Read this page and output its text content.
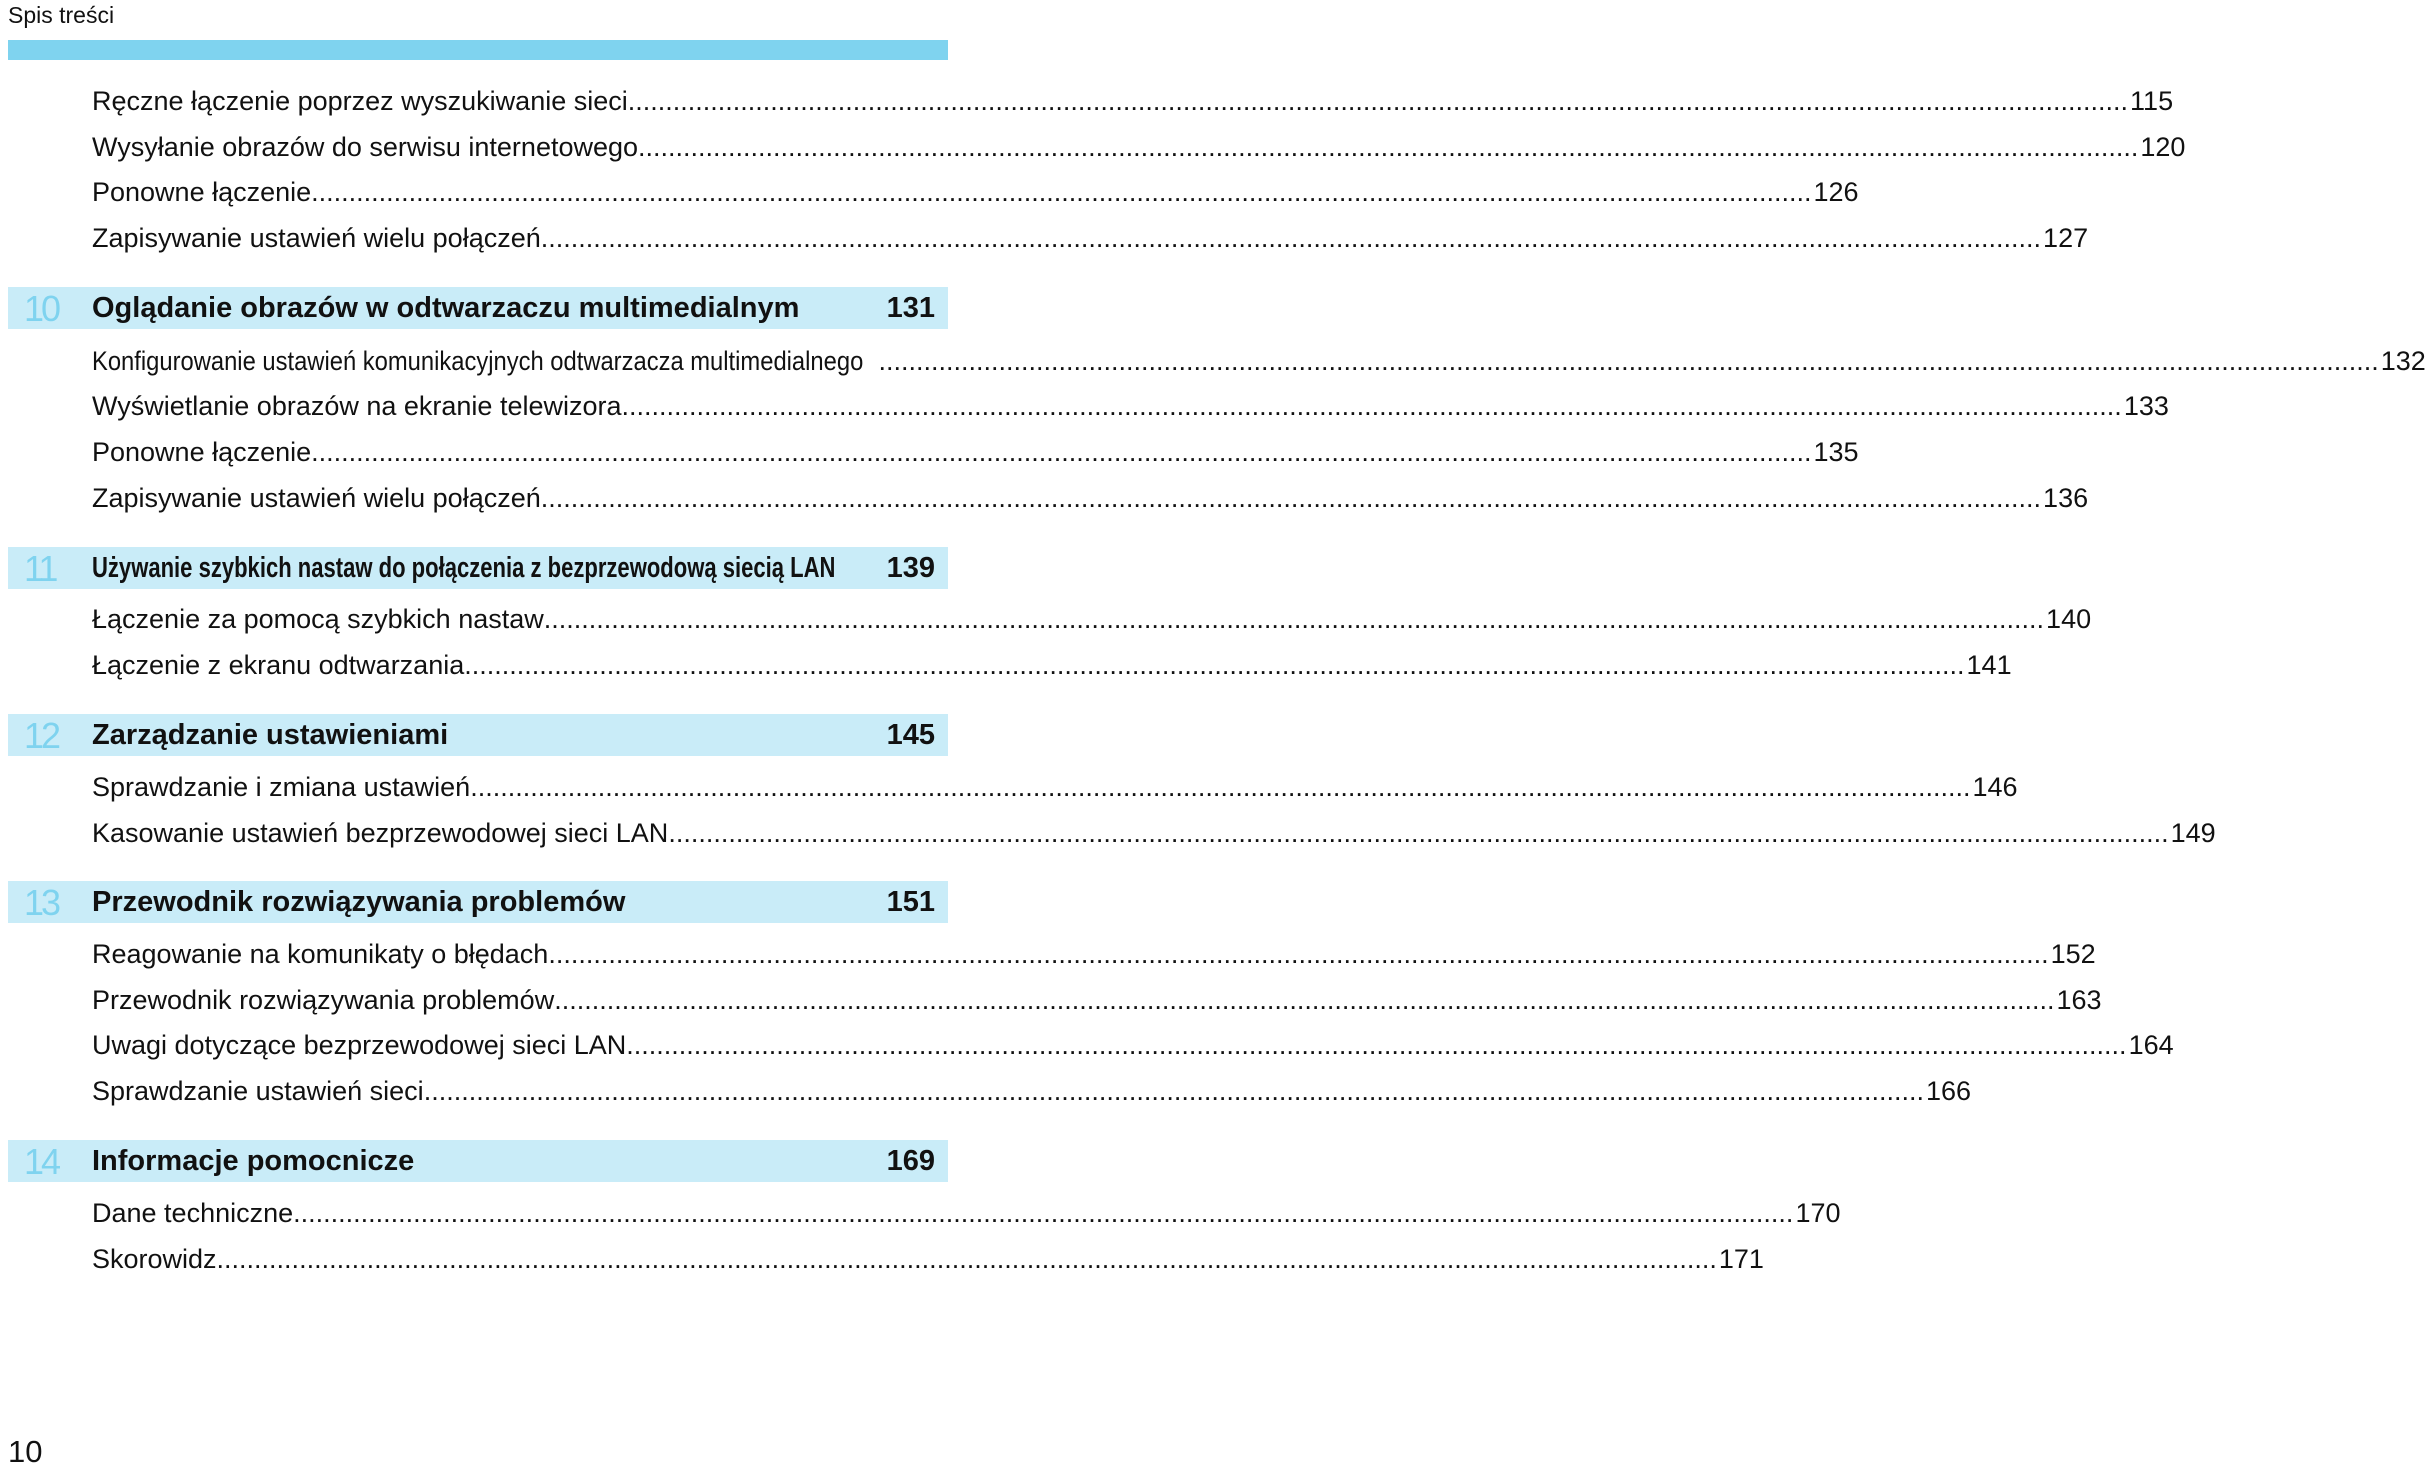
Spis treści
Ręczne łączenie poprzez wyszukiwanie sieci ........................................................................................................................................................................................................ 115
Wysyłanie obrazów do serwisu internetowego ........................................................................................................................................................................................................ 120
Ponowne łączenie ........................................................................................................................................................................................................ 126
Zapisywanie ustawień wielu połączeń ........................................................................................................................................................................................................ 127
10 Oglądanie obrazów w odtwarzaczu multimedialnym	131
Konfigurowanie ustawień komunikacyjnych odtwarzacza multimedialnego ........................................................................................................................................................................................................ 132
Wyświetlanie obrazów na ekranie telewizora ........................................................................................................................................................................................................ 133
Ponowne łączenie ........................................................................................................................................................................................................ 135
Zapisywanie ustawień wielu połączeń ........................................................................................................................................................................................................ 136
11 Używanie szybkich nastaw do połączenia z bezprzewodową siecią LAN 139
Łączenie za pomocą szybkich nastaw ........................................................................................................................................................................................................ 140
Łączenie z ekranu odtwarzania ........................................................................................................................................................................................................ 141
12 Zarządzanie ustawieniami	145
Sprawdzanie i zmiana ustawień ........................................................................................................................................................................................................ 146
Kasowanie ustawień bezprzewodowej sieci LAN ........................................................................................................................................................................................................ 149
13 Przewodnik rozwiązywania problemów	151
Reagowanie na komunikaty o błędach ........................................................................................................................................................................................................ 152
Przewodnik rozwiązywania problemów ........................................................................................................................................................................................................ 163
Uwagi dotyczące bezprzewodowej sieci LAN ........................................................................................................................................................................................................ 164
Sprawdzanie ustawień sieci ........................................................................................................................................................................................................ 166
14 Informacje pomocnicze	169
Dane techniczne ........................................................................................................................................................................................................ 170
Skorowidz ........................................................................................................................................................................................................ 171
10
